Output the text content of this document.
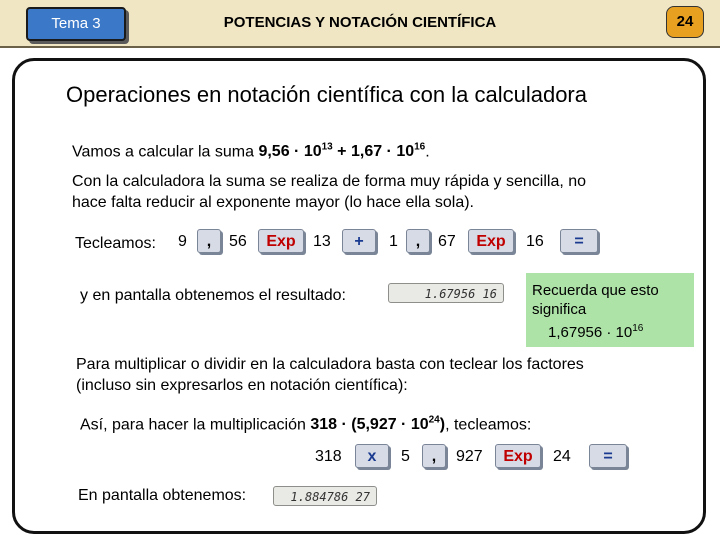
Tema 3	POTENCIAS Y NOTACIÓN CIENTÍFICA	24
Operaciones en notación científica con la calculadora
Vamos a calcular la suma $9,56 \cdot 10^{13} + 1,67 \cdot 10^{16}$.
Con la calculadora la suma se realiza de forma muy rápida y sencilla, no
hace falta reducir al exponente mayor (lo hace ella sola).
Tecleamos: 9	,	56	Exp	13	+	1	,	67	Exp	16	=
y en pantalla obtenemos el resultado:	1.67956 16	Recuerda que esto
significa
$1,67956 \cdot 10^{16}$
Para multiplicar o dividir en la calculadora basta con teclear los factores
(incluso sin expresarlos en notación científica):
Así, para hacer la multiplicación $318 \cdot (5,927 \cdot 10^{24})$, tecleamos:
318	x	5	,	927	Exp	24	=
En pantalla obtenemos:	1.884786 27
